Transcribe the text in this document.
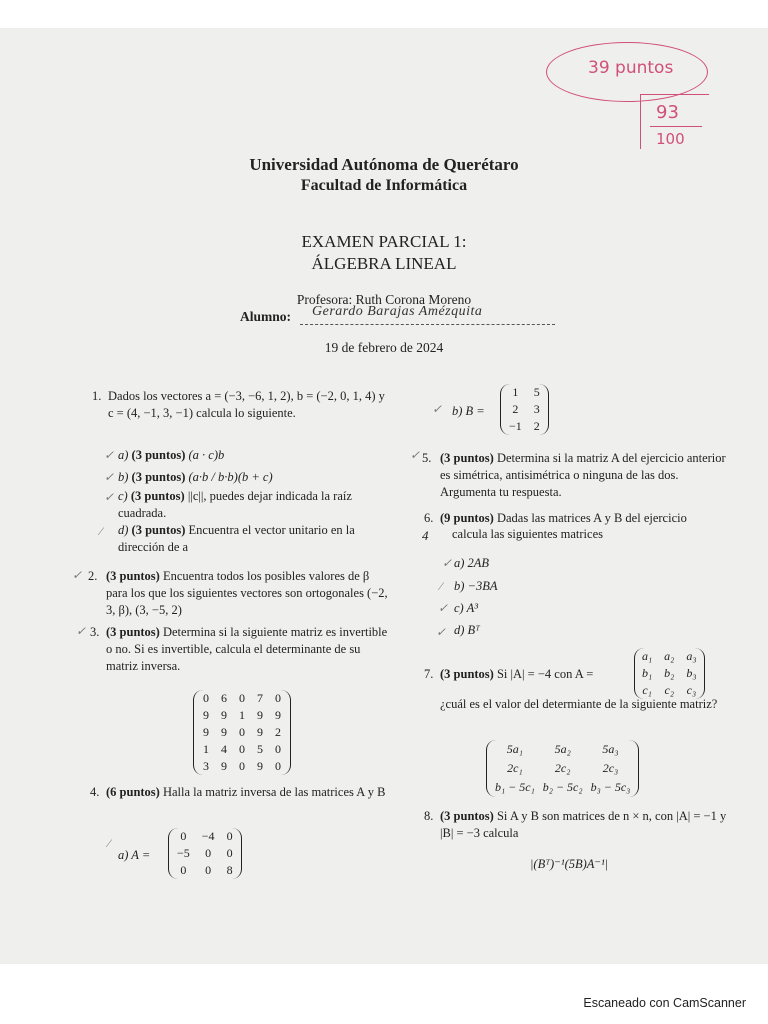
39 puntos
93
100
Universidad Autónoma de Querétaro
Facultad de Informática
EXAMEN PARCIAL 1:
ÁLGEBRA LINEAL
Profesora: Ruth Corona Moreno
Alumno: Gerardo Barajas Amézquita
19 de febrero de 2024
1. Dados los vectores a = (−3, −6, 1, 2), b = (−2, 0, 1, 4) y c = (4, −1, 3, −1) calcula lo siguiente.
✓ a) (3 puntos) (a · c)b
✓ b) (3 puntos) (a·b / b·b)(b + c)
✓ c) (3 puntos) ||c||, puedes dejar indicada la raíz cuadrada.
⁄ d) (3 puntos) Encuentra el vector unitario en la dirección de a
✓ 2. (3 puntos) Encuentra todos los posibles valores de β para los que los siguientes vectores son ortogonales (−2, 3, β), (3, −5, 2)
✓ 3. (3 puntos) Determina si la siguiente matriz es invertible o no. Si es invertible, calcula el determinante de su matriz inversa.
0	6	0	7	0
9	9	1	9	9
9	9	0	9	2
1	4	0	5	0
3	9	0	9	0
4. (6 puntos) Halla la matriz inversa de las matrices A y B
⁄
a) A =
0	−4	0
−5	0	0
0	0	8
✓ b) B =
1	5
2	3
−1	2
✓ 5. (3 puntos) Determina si la matriz A del ejercicio anterior es simétrica, antisimétrica o ninguna de las dos. Argumenta tu respuesta.
6. (9 puntos) Dadas las matrices A y B del ejercicio
4 calcula las siguientes matrices
✓ a) 2AB
⁄ b) −3BA
✓ c) A³
✓ d) Bᵀ
7. (3 puntos) Si |A| = −4 con A =
a₁	a₂	a₃
b₁	b₂	b₃
c₁	c₂	c₃
¿cuál es el valor del determiante de la siguiente matriz?
5a₁	5a₂	5a₃
2c₁	2c₂	2c₃
b₁ − 5c₁	b₂ − 5c₂	b₃ − 5c₃
8. (3 puntos) Si A y B son matrices de n × n, con |A| = −1 y |B| = −3 calcula
|(Bᵀ)⁻¹(5B)A⁻¹|
Escaneado con CamScanner
